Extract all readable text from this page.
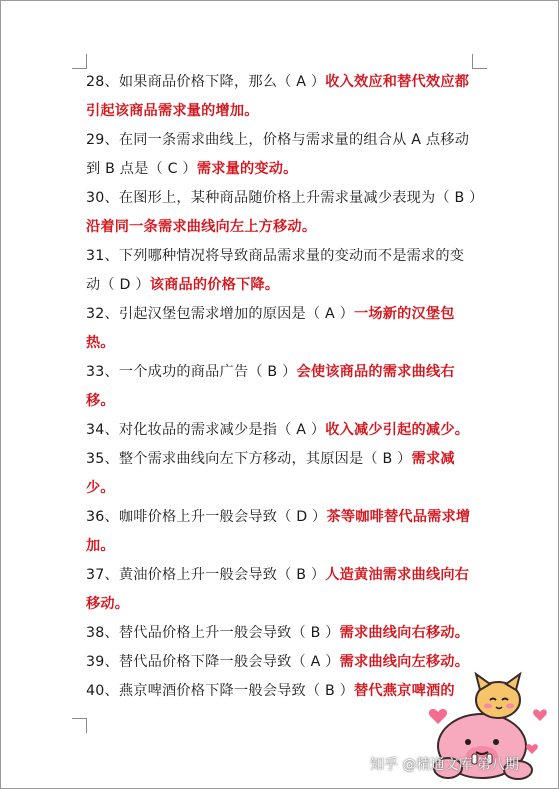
28、如果商品价格下降，那么（ A ）收入效应和替代效应都引起该商品需求量的增加。

29、在同一条需求曲线上，价格与需求量的组合从 A 点移动到 B 点是（ C ）需求量的变动。

30、在图形上，某种商品随价格上升需求量减少表现为（ B ）沿着同一条需求曲线向左上方移动。

31、下列哪种情况将导致商品需求量的变动而不是需求的变动（ D ）该商品的价格下降。

32、引起汉堡包需求增加的原因是（ A ）一场新的汉堡包热。

33、一个成功的商品广告（ B ）会使该商品的需求曲线右移。

34、对化妆品的需求减少是指（ A ）收入减少引起的减少。

35、整个需求曲线向左下方移动，其原因是（ B ）需求减少。

36、咖啡价格上升一般会导致（ D ）茶等咖啡替代品需求增加。

37、黄油价格上升一般会导致（ B ）人造黄油需求曲线向右移动。

38、替代品价格上升一般会导致（ B ）需求曲线向右移动。

39、替代品价格下降一般会导致（ A ）需求曲线向左移动。

40、燕京啤酒价格下降一般会导致（ B ）替代燕京啤酒的

知乎 @精通文库 第八期
